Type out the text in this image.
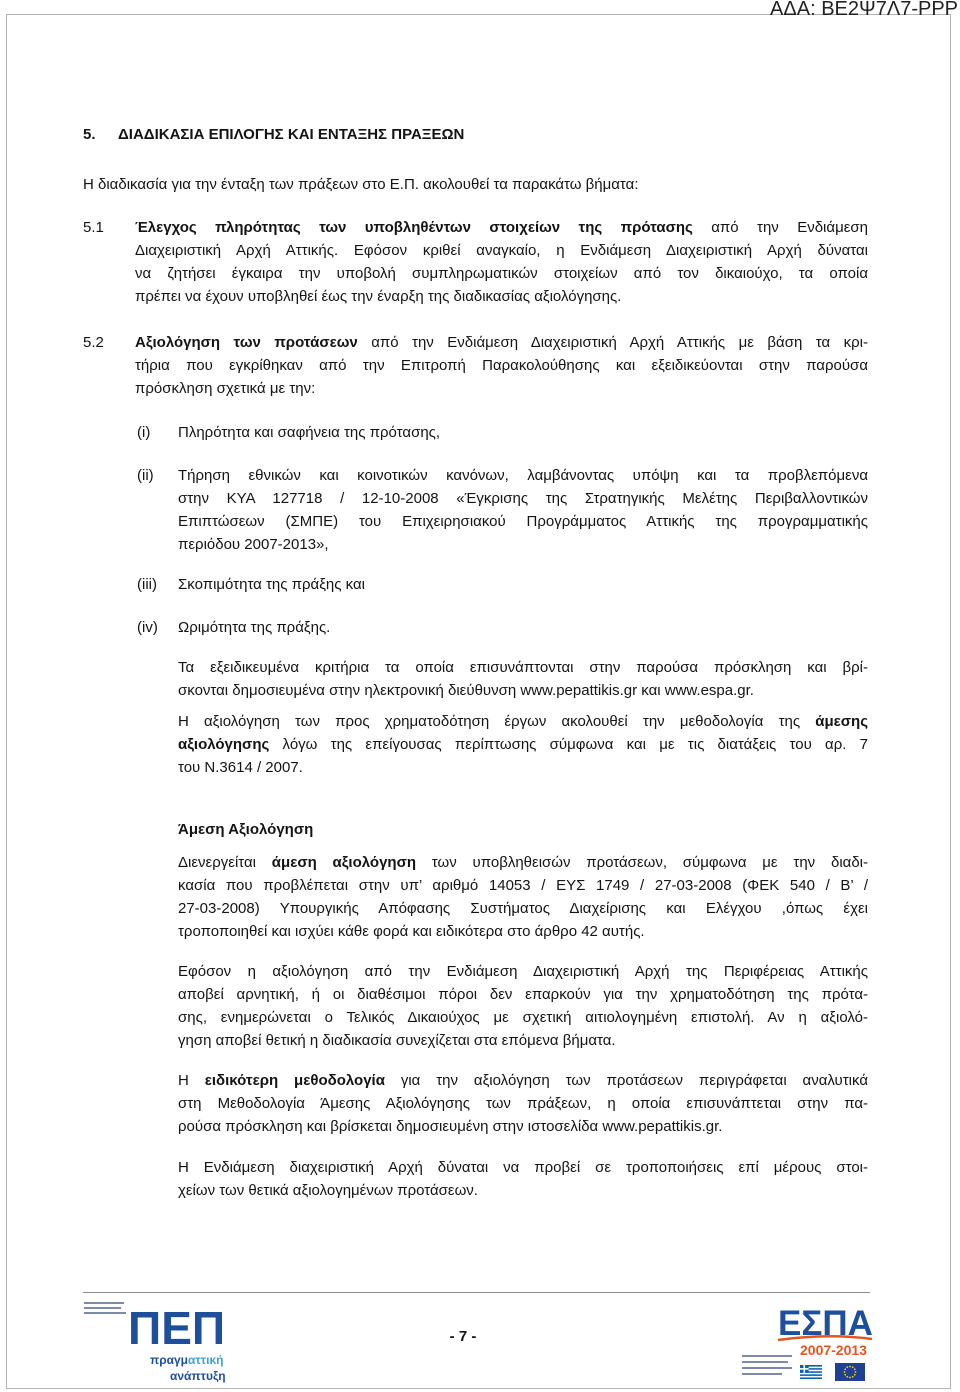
ΑΔΑ: ΒΕ2Ψ7Λ7-ΡΡΡ
5. ΔΙΑΔΙΚΑΣΙΑ ΕΠΙΛΟΓΗΣ ΚΑΙ ΕΝΤΑΞΗΣ ΠΡΑΞΕΩΝ
Η διαδικασία για την ένταξη των πράξεων στο Ε.Π. ακολουθεί τα παρακάτω βήματα:
5.1 Έλεγχος πληρότητας των υποβληθέντων στοιχείων της πρότασης από την Ενδιάμεση
Διαχειριστική Αρχή Αττικής. Εφόσον κριθεί αναγκαίο, η Ενδιάμεση Διαχειριστική Αρχή δύναται
να ζητήσει έγκαιρα την υποβολή συμπληρωματικών στοιχείων από τον δικαιούχο, τα οποία
πρέπει να έχουν υποβληθεί έως την έναρξη της διαδικασίας αξιολόγησης.
5.2 Αξιολόγηση των προτάσεων από την Ενδιάμεση Διαχειριστική Αρχή Αττικής με βάση τα κρι-
τήρια που εγκρίθηκαν από την Επιτροπή Παρακολούθησης και εξειδικεύονται στην παρούσα
πρόσκληση σχετικά με την:
(i) Πληρότητα και σαφήνεια της πρότασης,
(ii) Τήρηση εθνικών και κοινοτικών κανόνων, λαμβάνοντας υπόψη και τα προβλεπόμενα
στην ΚΥΑ 127718 / 12-10-2008 «Έγκρισης της Στρατηγικής Μελέτης Περιβαλλοντικών
Επιπτώσεων (ΣΜΠΕ) του Επιχειρησιακού Προγράμματος Αττικής της προγραμματικής
περιόδου 2007-2013»,
(iii) Σκοπιμότητα της πράξης και
(iv) Ωριμότητα της πράξης.
Τα εξειδικευμένα κριτήρια τα οποία επισυνάπτονται στην παρούσα πρόσκληση και βρί-
σκονται δημοσιευμένα στην ηλεκτρονική διεύθυνση www.pepattikis.gr και www.espa.gr.
Η αξιολόγηση των προς χρηματοδότηση έργων ακολουθεί την μεθοδολογία της άμεσης
αξιολόγησης λόγω της επείγουσας περίπτωσης σύμφωνα και με τις διατάξεις του αρ. 7
του Ν.3614 / 2007.
Άμεση Αξιολόγηση
Διενεργείται άμεση αξιολόγηση των υποβληθεισών προτάσεων, σύμφωνα με την διαδι-
κασία που προβλέπεται στην υπ’ αριθμό 14053 / ΕΥΣ 1749 / 27-03-2008 (ΦΕΚ 540 / Β’ /
27-03-2008) Υπουργικής Απόφασης Συστήματος Διαχείρισης και Ελέγχου ,όπως έχει
τροποποιηθεί και ισχύει κάθε φορά και ειδικότερα στο άρθρο 42 αυτής.
Εφόσον η αξιολόγηση από την Ενδιάμεση Διαχειριστική Αρχή της Περιφέρειας Αττικής
αποβεί αρνητική, ή οι διαθέσιμοι πόροι δεν επαρκούν για την χρηματοδότηση της πρότα-
σης, ενημερώνεται ο Τελικός Δικαιούχος με σχετική αιτιολογημένη επιστολή. Αν η αξιολό-
γηση αποβεί θετική η διαδικασία συνεχίζεται στα επόμενα βήματα.
Η ειδικότερη μεθοδολογία για την αξιολόγηση των προτάσεων περιγράφεται αναλυτικά
στη Μεθοδολογία Άμεσης Αξιολόγησης των πράξεων, η οποία επισυνάπτεται στην πα-
ρούσα πρόσκληση και βρίσκεται δημοσιευμένη στην ιστοσελίδα www.pepattikis.gr.
Η Ενδιάμεση διαχειριστική Αρχή δύναται να προβεί σε τροποποιήσεις επί μέρους στοι-
χείων των θετικά αξιολογημένων προτάσεων.
ΠΕΠ
πραγματτική
ανάπτυξη
- 7 -	ΕΣΠΑ
2007-2013
